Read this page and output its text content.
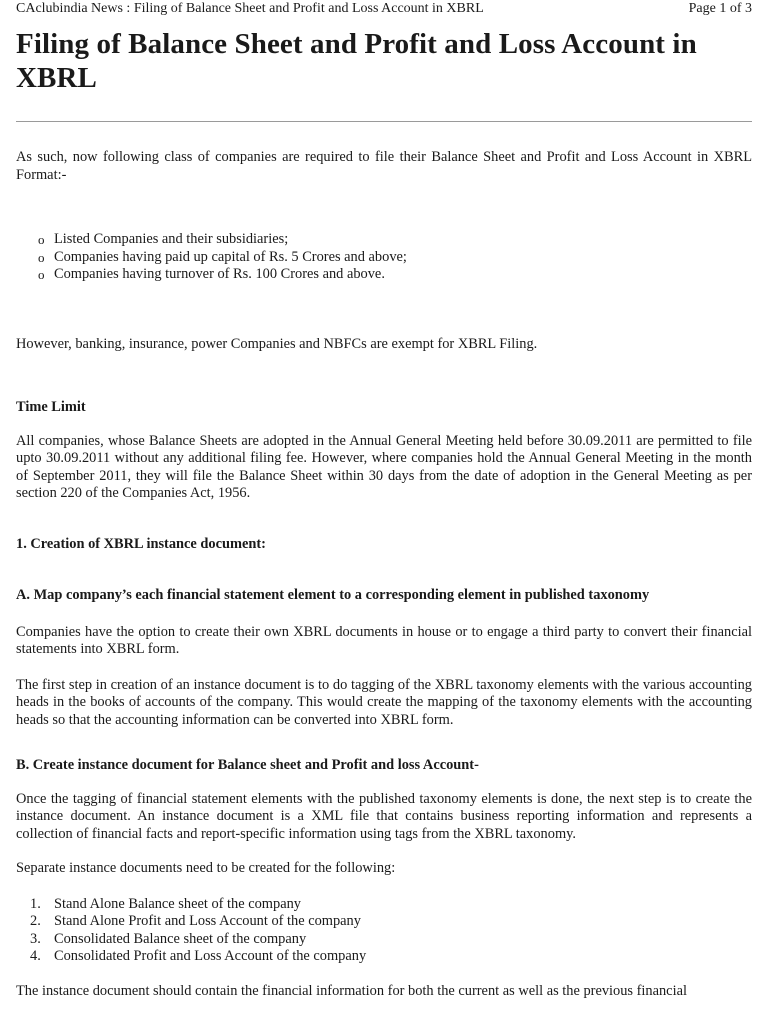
CAclubindia News : Filing of Balance Sheet and Profit and Loss Account in XBRL	Page 1 of 3
Filing of Balance Sheet and Profit and Loss Account in XBRL

As such, now following class of companies are required to file their Balance Sheet and Profit and Loss Account in XBRL Format:-

o Listed Companies and their subsidiaries;
o Companies having paid up capital of Rs. 5 Crores and above;
o Companies having turnover of Rs. 100 Crores and above.

However, banking, insurance, power Companies and NBFCs are exempt for XBRL Filing.

Time Limit

All companies, whose Balance Sheets are adopted in the Annual General Meeting held before 30.09.2011 are permitted to file upto 30.09.2011 without any additional filing fee. However, where companies hold the Annual General Meeting in the month of September 2011, they will file the Balance Sheet within 30 days from the date of adoption in the General Meeting as per section 220 of the Companies Act, 1956.

1. Creation of XBRL instance document:

A. Map company’s each financial statement element to a corresponding element in published taxonomy

Companies have the option to create their own XBRL documents in house or to engage a third party to convert their financial statements into XBRL form.

The first step in creation of an instance document is to do tagging of the XBRL taxonomy elements with the various accounting heads in the books of accounts of the company. This would create the mapping of the taxonomy elements with the accounting heads so that the accounting information can be converted into XBRL form.

B. Create instance document for Balance sheet and Profit and loss Account-

Once the tagging of financial statement elements with the published taxonomy elements is done, the next step is to create the instance document. An instance document is a XML file that contains business reporting information and represents a collection of financial facts and report-specific information using tags from the XBRL taxonomy.

Separate instance documents need to be created for the following:

1. Stand Alone Balance sheet of the company
2. Stand Alone Profit and Loss Account of the company
3. Consolidated Balance sheet of the company
4. Consolidated Profit and Loss Account of the company

The instance document should contain the financial information for both the current as well as the previous financial
